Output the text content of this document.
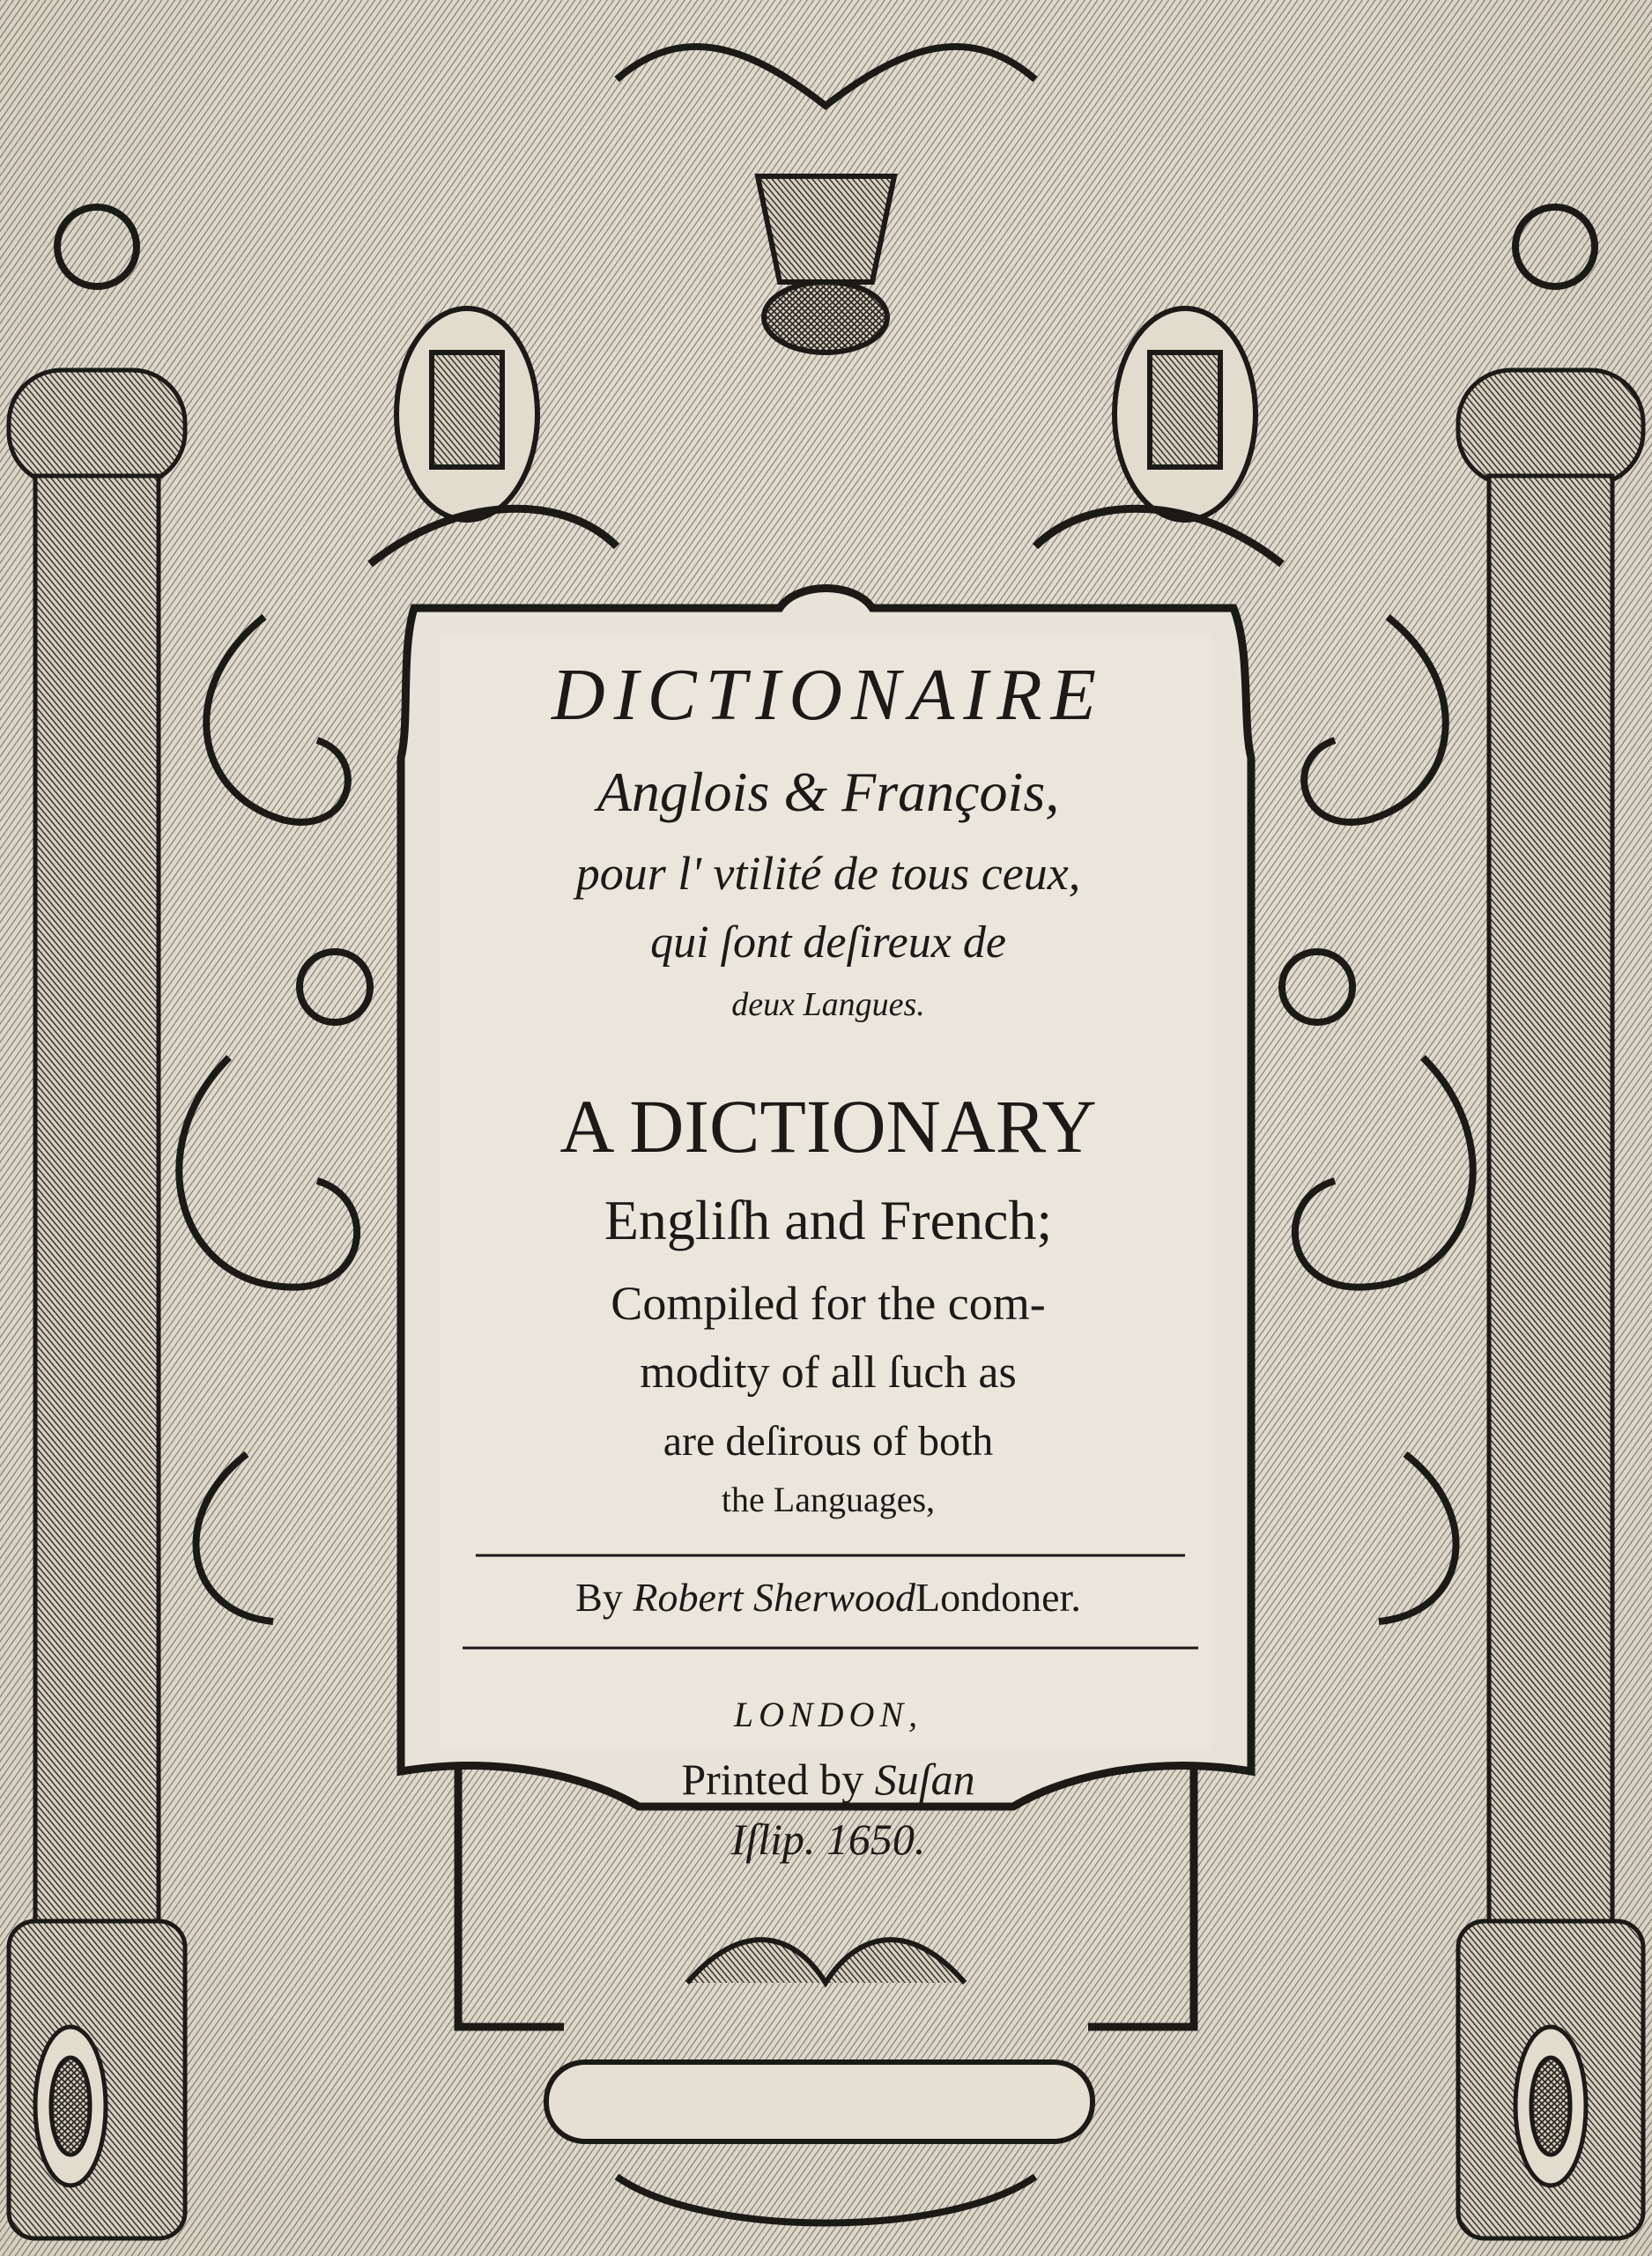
DICTIONAIRE
Anglois & François,
pour l' vtilité de tous ceux,
qui ſont deſireux de
deux Langues.
A DICTIONARY
Engliſh and French;
Compiled for the com-
modity of all ſuch as
are deſirous of both
the Languages,
By Robert SherwoodLondoner.
LONDON,
Printed by Suſan
Iſlip. 1650.
